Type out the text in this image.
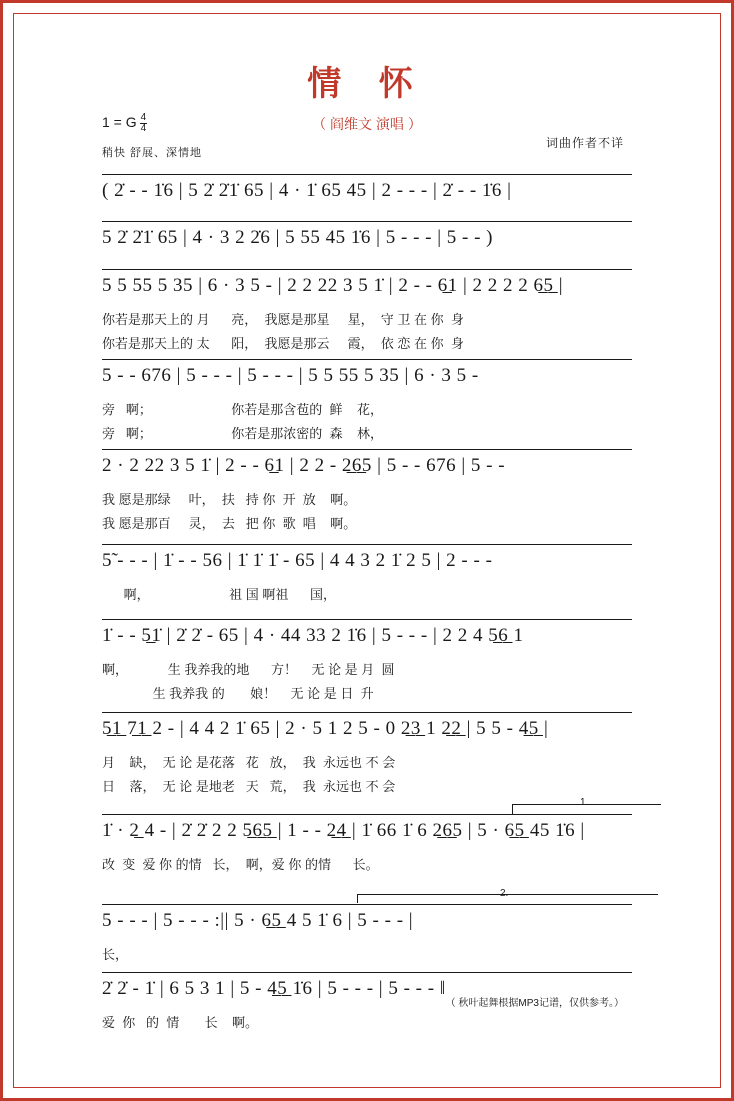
情 怀
（ 阎维文 演唱 ）
1 = G $\frac{4}{4}$
稍快 舒展、深情地
词曲作者不详
( 2̇ - - 1̇6 | 5 2̇ 2̇1̇ 65 | 4 · 1̇ 65 45 | 2 - - - | 2̇ - - 1̇6 |
5 2̇ 2̇1̇ 65 | 4 · 3 2 2̇6 | 5 55 45 1̇6 | 5 - - - | 5 - - )
5 5 55 5 35 | 6 · 3 5 - | 2 2 22 3 5 1̇ | 2 - - 6̲1 | 2 2 2 2 6̲5̲ |
你若是那天上的 月      亮，  我愿是那星     星，  守 卫 在 你  身
你若是那天上的 太      阳，  我愿是那云     霞，  依 恋 在 你  身
5 - - 676 | 5 - - - | 5 - - - | 5 5 55 5 35 | 6 · 3 5 -
旁   啊；                      你若是那含苞的  鲜    花，
旁   啊；                      你若是那浓密的  森    林，
2 · 2 22 3 5 1̇ | 2 - - 6̲1 | 2 2 - 2̲6̲5 | 5 - - 676 | 5 - -
我 愿是那绿     叶，  扶   持 你  开  放    啊。
我 愿是那百     灵，  去   把 你  歌  唱    啊。
5̃ - - - | 1̇ - - 56 | 1̇ 1̇ 1̇ - 65 | 4 4 3 2 1̇ 2 5 | 2 - - -
啊，                      祖 国 啊祖      国，
1̇ - - 5̲1̇ | 2̇ 2̇ - 65 | 4 · 44 33 2 1̇6 | 5 - - - | 2 2 4 5̲6̲ 1
啊，           生 我养我的地      方！    无 论 是 月  圆
生 我养我 的       娘！    无 论 是 日  升
5̲1̲ 7̲1̲ 2 - | 4 4 2 1̇ 65 | 2 · 5 1 2 5 - 0 2̲3̲ 1 2̲2̲ | 5 5 - 4̲5̲ |
月    缺，  无 论 是花落   花   放，  我  永远也 不 会
日    落，  无 论 是地老   天   荒，  我  永远也 不 会
1̇ · 2̲ 4 - | 2̇ 2̇ 2 2 5̲6̲5̲ | 1 - - 2̲4̲ | 1̇ 66 1̇ 6 2̲6̲5 | 5 · 6̲5̲ 45 1̇6 |
改  变  爱 你 的情   长，  啊，爱 你 的情      长。
2.
5 - - - | 5 - - - :|| 5 · 6̲5̲ 4 5 1̇ 6 | 5 - - - |
长，
1.
2̇ 2̇ - 1̇ | 6 5 3 1 | 5 - 4̲5̲ 1̇6 | 5 - - - | 5 - - - ‖
爱  你   的  情       长    啊。
（ 秋叶起舞根据MP3记谱，仅供参考。）
